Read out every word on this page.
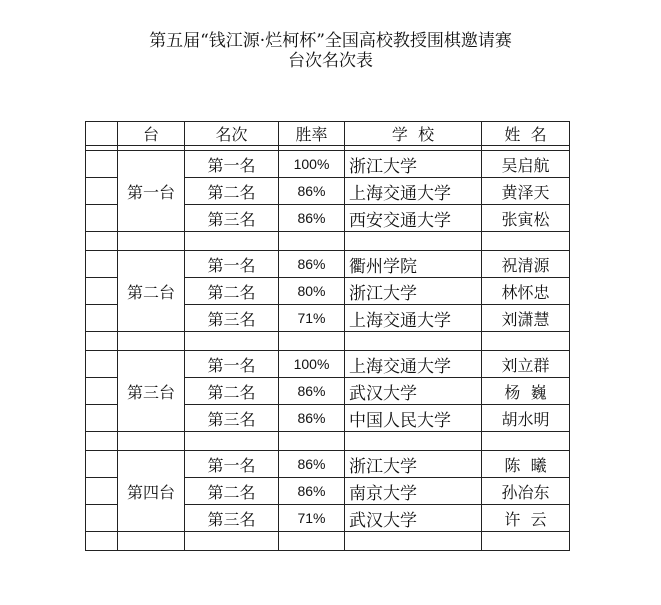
第五届“钱江源·烂柯杯”全国高校教授围棋邀请赛
台次名次表
	台	名次	胜率	学  校	姓  名

		第一名	100%	浙江大学	吴启航
	第一台	第二名	86%	上海交通大学	黄泽天
		第三名	86%	西安交通大学	张寅松

		第一名	86%	衢州学院	祝清源
	第二台	第二名	80%	浙江大学	林怀忠
		第三名	71%	上海交通大学	刘潇慧

		第一名	100%	上海交通大学	刘立群
	第三台	第二名	86%	武汉大学	杨  巍
		第三名	86%	中国人民大学	胡水明

		第一名	86%	浙江大学	陈  曦
	第四台	第二名	86%	南京大学	孙冶东
		第三名	71%	武汉大学	许  云
